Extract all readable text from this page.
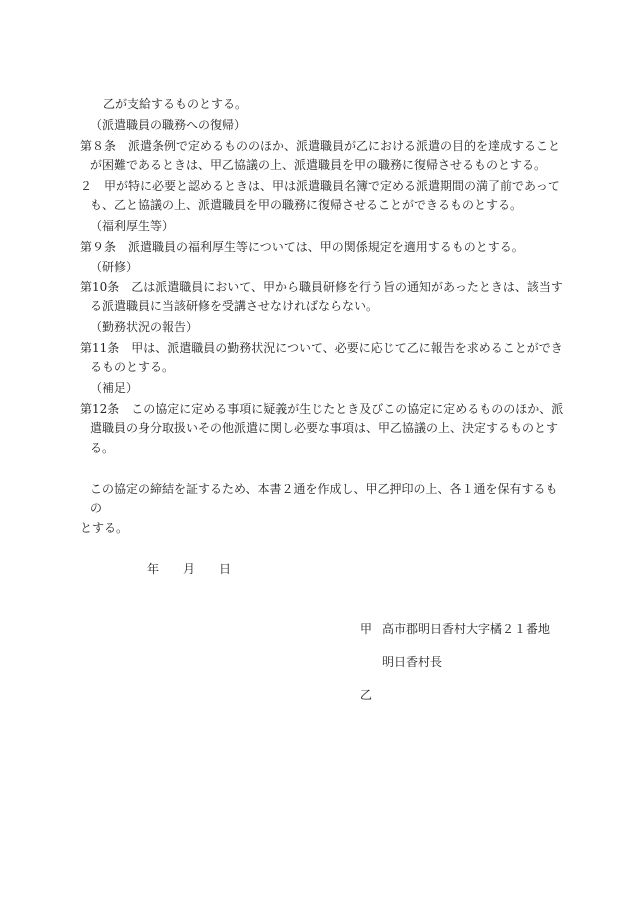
乙が支給するものとする。
（派遣職員の職務への復帰）
第８条　派遣条例で定めるもののほか、派遣職員が乙における派遣の目的を達成すること
が困難であるときは、甲乙協議の上、派遣職員を甲の職務に復帰させるものとする。
２　甲が特に必要と認めるときは、甲は派遣職員名簿で定める派遣期間の満了前であって
も、乙と協議の上、派遣職員を甲の職務に復帰させることができるものとする。
（福利厚生等）
第９条　派遣職員の福利厚生等については、甲の関係規定を適用するものとする。
（研修）
第10条　乙は派遣職員において、甲から職員研修を行う旨の通知があったときは、該当す
る派遣職員に当該研修を受講させなければならない。
（勤務状況の報告）
第11条　甲は、派遣職員の勤務状況について、必要に応じて乙に報告を求めることができ
るものとする。
（補足）
第12条　この協定に定める事項に疑義が生じたとき及びこの協定に定めるもののほか、派
遣職員の身分取扱いその他派遣に関し必要な事項は、甲乙協議の上、決定するものとす
る。
この協定の締結を証するため、本書２通を作成し、甲乙押印の上、各１通を保有するも
の
とする。
年　　月　　日
甲 高市郡明日香村大字橘２１番地
明日香村長
乙
